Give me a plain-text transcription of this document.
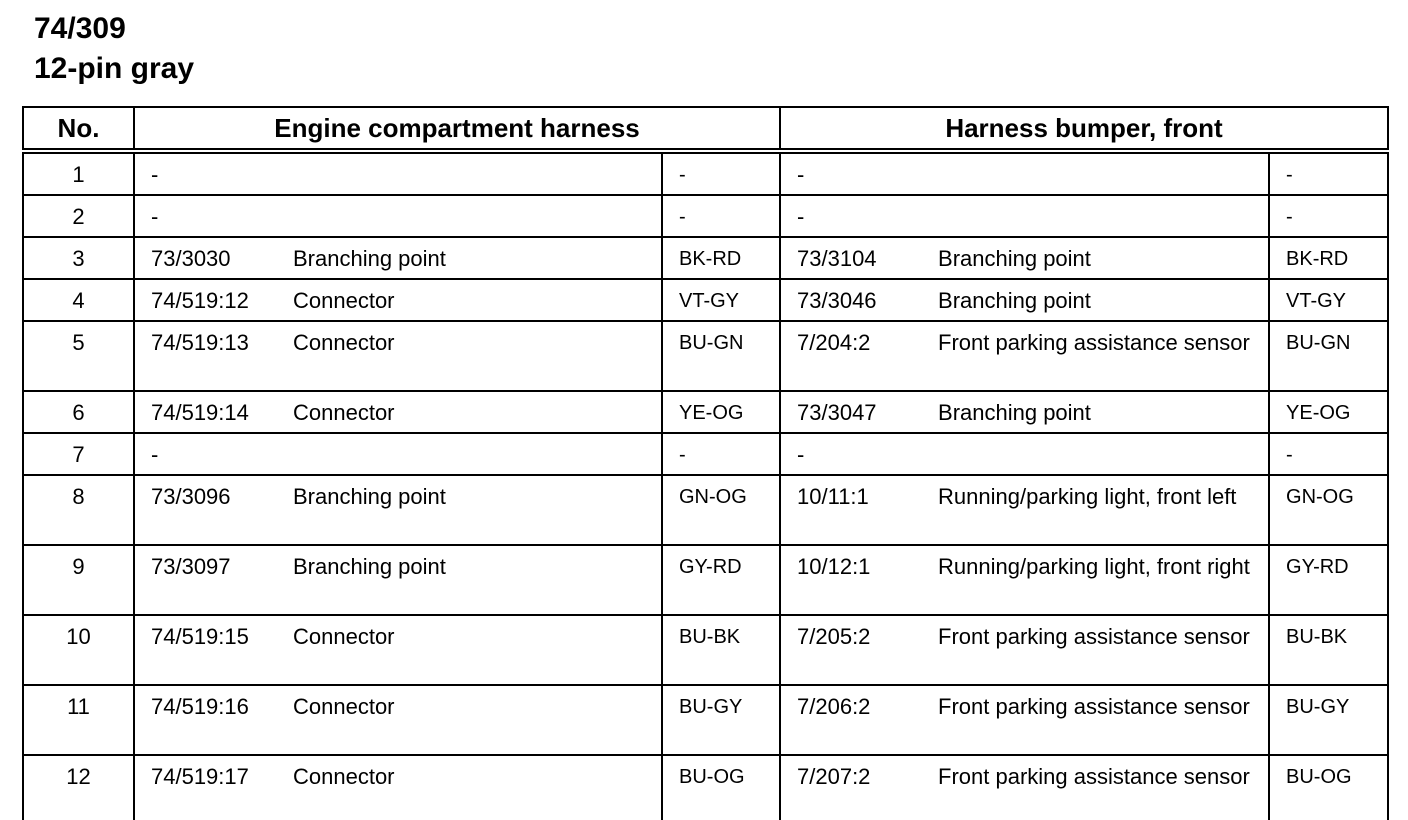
74/309
12-pin gray
No.	Engine compartment harness		Harness bumper, front	
1	-	-	-	-
2	-	-	-	-
3	73/3030 Branching point	BK-RD	73/3104 Branching point	BK-RD
4	74/519:12 Connector	VT-GY	73/3046 Branching point	VT-GY
5	74/519:13 Connector	BU-GN	7/204:2 Front parking assistance sensor	BU-GN
6	74/519:14 Connector	YE-OG	73/3047 Branching point	YE-OG
7	-	-	-	-
8	73/3096 Branching point	GN-OG	10/11:1 Running/parking light, front left	GN-OG
9	73/3097 Branching point	GY-RD	10/12:1 Running/parking light, front right	GY-RD
10	74/519:15 Connector	BU-BK	7/205:2 Front parking assistance sensor	BU-BK
11	74/519:16 Connector	BU-GY	7/206:2 Front parking assistance sensor	BU-GY
12	74/519:17 Connector	BU-OG	7/207:2 Front parking assistance sensor	BU-OG
